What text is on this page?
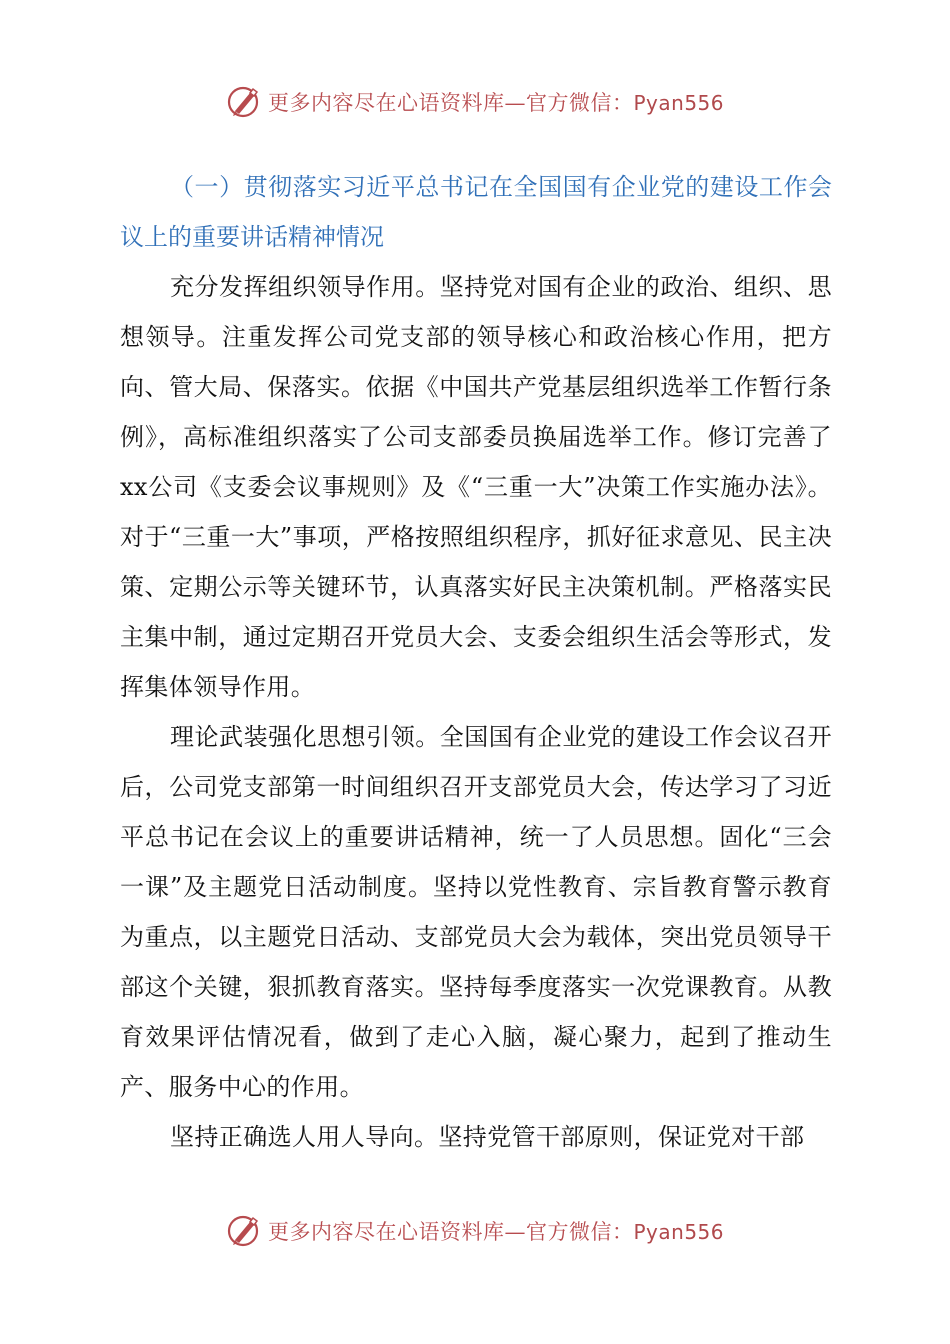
更多内容尽在心语资料库—官方微信：Pyan556

（一）贯彻落实习近平总书记在全国国有企业党的建设工作会议上的重要讲话精神情况

充分发挥组织领导作用。坚持党对国有企业的政治、组织、思想领导。注重发挥公司党支部的领导核心和政治核心作用，把方向、管大局、保落实。依据《中国共产党基层组织选举工作暂行条例》，高标准组织落实了公司支部委员换届选举工作。修订完善了xx公司《支委会议事规则》及《“三重一大”决策工作实施办法》。对于“三重一大”事项，严格按照组织程序，抓好征求意见、民主决策、定期公示等关键环节，认真落实好民主决策机制。严格落实民主集中制，通过定期召开党员大会、支委会组织生活会等形式，发挥集体领导作用。

理论武装强化思想引领。全国国有企业党的建设工作会议召开后，公司党支部第一时间组织召开支部党员大会，传达学习了习近平总书记在会议上的重要讲话精神，统一了人员思想。固化“三会一课”及主题党日活动制度。坚持以党性教育、宗旨教育警示教育为重点，以主题党日活动、支部党员大会为载体，突出党员领导干部这个关键，狠抓教育落实。坚持每季度落实一次党课教育。从教育效果评估情况看，做到了走心入脑，凝心聚力，起到了推动生产、服务中心的作用。

坚持正确选人用人导向。坚持党管干部原则，保证党对干部

更多内容尽在心语资料库—官方微信：Pyan556
